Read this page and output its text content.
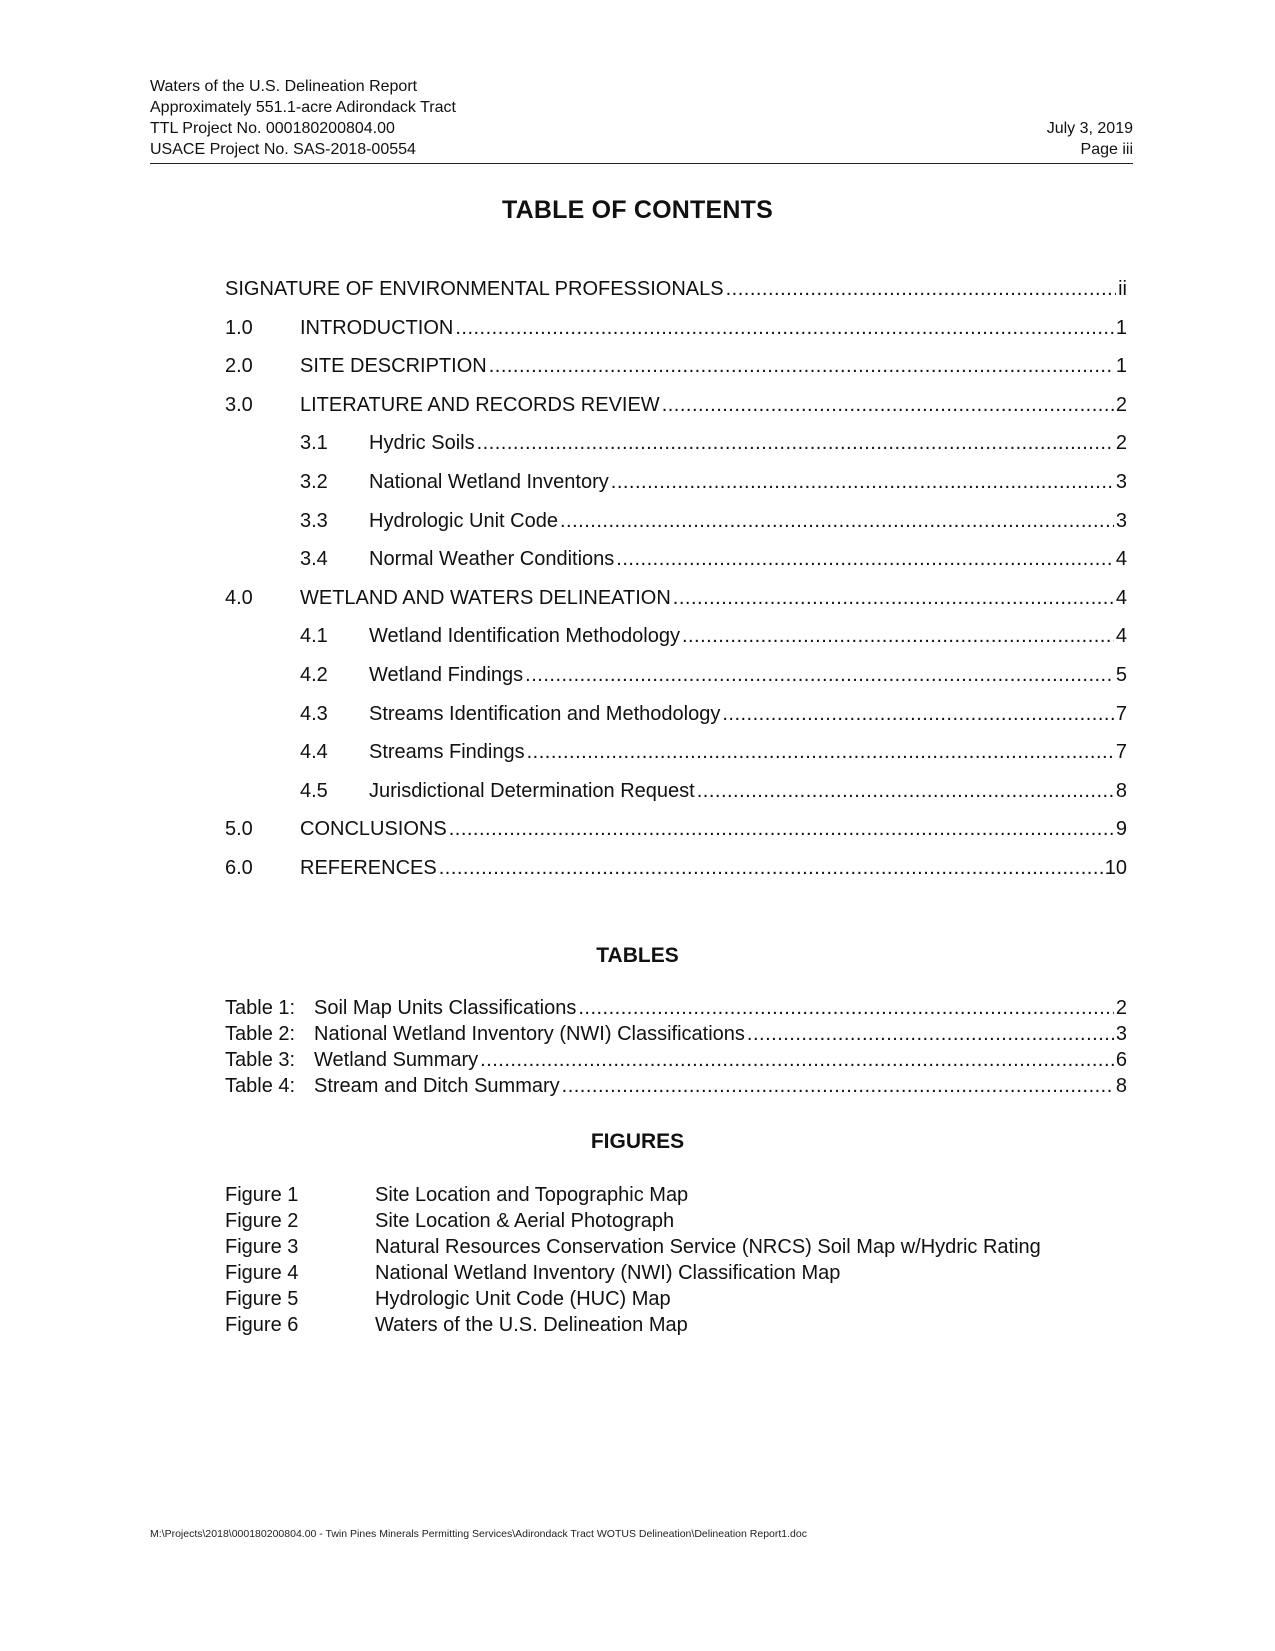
Waters of the U.S. Delineation Report
Approximately 551.1-acre Adirondack Tract
TTL Project No. 000180200804.00	July 3, 2019
USACE Project No. SAS-2018-00554	Page iii
TABLE OF CONTENTS
SIGNATURE OF ENVIRONMENTAL PROFESSIONALS .....	ii
1.0	INTRODUCTION .....	1
2.0	SITE DESCRIPTION .....	1
3.0	LITERATURE AND RECORDS REVIEW .....	2
3.1	Hydric Soils .....	2
3.2	National Wetland Inventory .....	3
3.3	Hydrologic Unit Code .....	3
3.4	Normal Weather Conditions .....	4
4.0	WETLAND AND WATERS DELINEATION .....	4
4.1	Wetland Identification Methodology .....	4
4.2	Wetland Findings .....	5
4.3	Streams Identification and Methodology .....	7
4.4	Streams Findings .....	7
4.5	Jurisdictional Determination Request .....	8
5.0	CONCLUSIONS .....	9
6.0	REFERENCES .....	10
TABLES
Table 1: Soil Map Units Classifications .....	2
Table 2: National Wetland Inventory (NWI) Classifications .....	3
Table 3: Wetland Summary .....	6
Table 4: Stream and Ditch Summary .....	8
FIGURES
Figure 1	Site Location and Topographic Map
Figure 2	Site Location & Aerial Photograph
Figure 3	Natural Resources Conservation Service (NRCS) Soil Map w/Hydric Rating
Figure 4	National Wetland Inventory (NWI) Classification Map
Figure 5	Hydrologic Unit Code (HUC) Map
Figure 6	Waters of the U.S. Delineation Map
M:\Projects\2018\000180200804.00 - Twin Pines Minerals Permitting Services\Adirondack Tract WOTUS Delineation\Delineation Report1.doc
